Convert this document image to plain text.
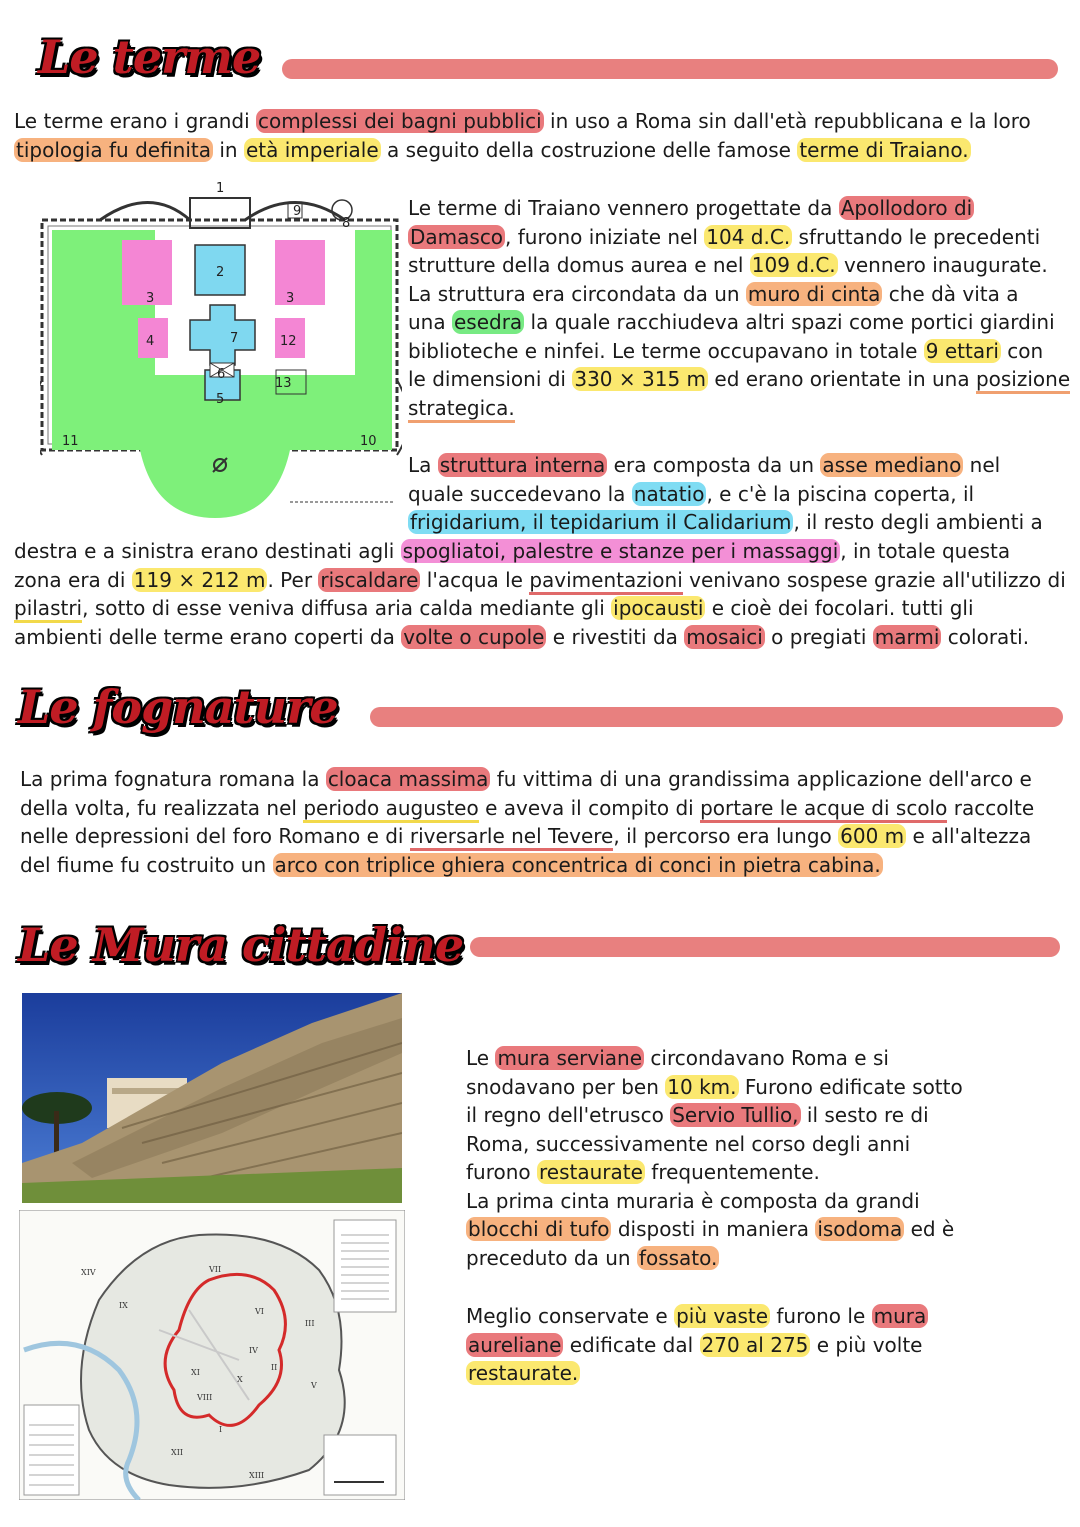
Le terme
Le terme erano i grandi complessi dei bagni pubblici in uso a Roma sin dall'età repubblicana e la loro
tipologia fu definita in età imperiale a seguito della costruzione delle famose terme di Traiano.
1
2
3	3
4
5
6
7
8
9
10
11
12
13
Le terme di Traiano vennero progettate da Apollodoro di
Damasco , furono iniziate nel 104 d.C. sfruttando le precedenti
strutture della domus aurea e nel 109 d.C. vennero inaugurate.
La struttura era circondata da un muro di cinta che dà vita a
una esedra la quale racchiudeva altri spazi come portici giardini
biblioteche e ninfei. Le terme occupavano in totale 9 ettari con
le dimensioni di 330 × 315 m ed erano orientate in una posizione
strategica.
La struttura interna era composta da un asse mediano nel
quale succedevano la natatio , e c'è la piscina coperta, il
frigidarium, il tepidarium il Calidarium , il resto degli ambienti a
destra e a sinistra erano destinati agli spogliatoi, palestre e stanze per i massaggi , in totale questa
zona era di 119 × 212 m . Per riscaldare l'acqua le pavimentazioni venivano sospese grazie all'utilizzo di
pilastri, sotto di esse veniva diffusa aria calda mediante gli ipocausti e cioè dei focolari. tutti gli
ambienti delle terme erano coperti da volte o cupole e rivestiti da mosaici o pregiati marmi colorati.
Le fognature
La prima fognatura romana la cloaca massima fu vittima di una grandissima applicazione dell'arco e
della volta, fu realizzata nel periodo augusteo e aveva il compito di portare le acque di scolo raccolte
nelle depressioni del foro Romano e di riversarle nel Tevere, il percorso era lungo 600 m e all'altezza
del fiume fu costruito un arco con triplice ghiera concentrica di conci in pietra cabina.
Le Mura cittadine
XIV	VII
IX
VI
III
IV
V
II
X
XI
XII
XIII
I
VIII
Le mura serviane circondavano Roma e si
snodavano per ben 10 km. Furono edificate sotto
il regno dell'etrusco Servio Tullio, il sesto re di
Roma, successivamente nel corso degli anni
furono restaurate frequentemente.
La prima cinta muraria è composta da grandi
blocchi di tufo disposti in maniera isodoma ed è
preceduto da un fossato.
Meglio conservate e più vaste furono le mura
aureliane edificate dal 270 al 275 e più volte
restaurate.
